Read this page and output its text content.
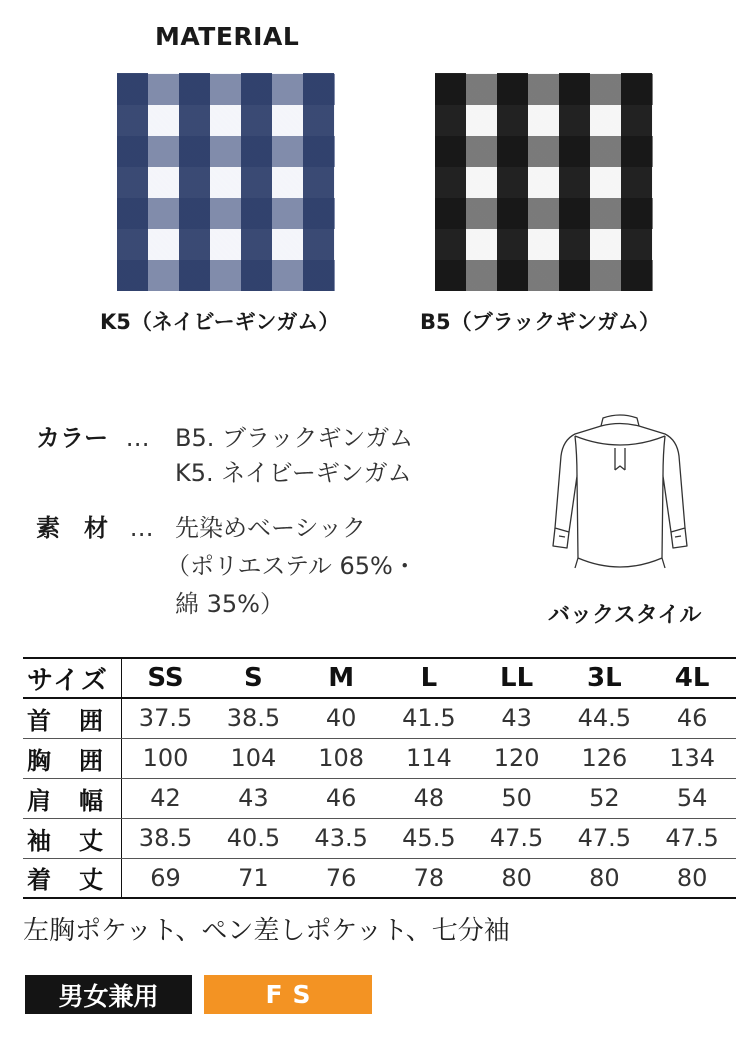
MATERIAL
K5（ネイビーギンガム）	B5（ブラックギンガム）
カラー … B5. ブラックギンガム
K5. ネイビーギンガム
素　材 … 先染めベーシック
（ポリエステル 65%・
綿 35%）	バックスタイル
サイズ	SS	S	M	L	LL	3L	4L
首　囲	37.5	38.5	40	41.5	43	44.5	46
胸　囲	100	104	108	114	120	126	134
肩　幅	42	43	46	48	50	52	54
袖　丈	38.5	40.5	43.5	45.5	47.5	47.5	47.5
着　丈	69	71	76	78	80	80	80
左胸ポケット、ペン差しポケット、七分袖
男女兼用	FS
